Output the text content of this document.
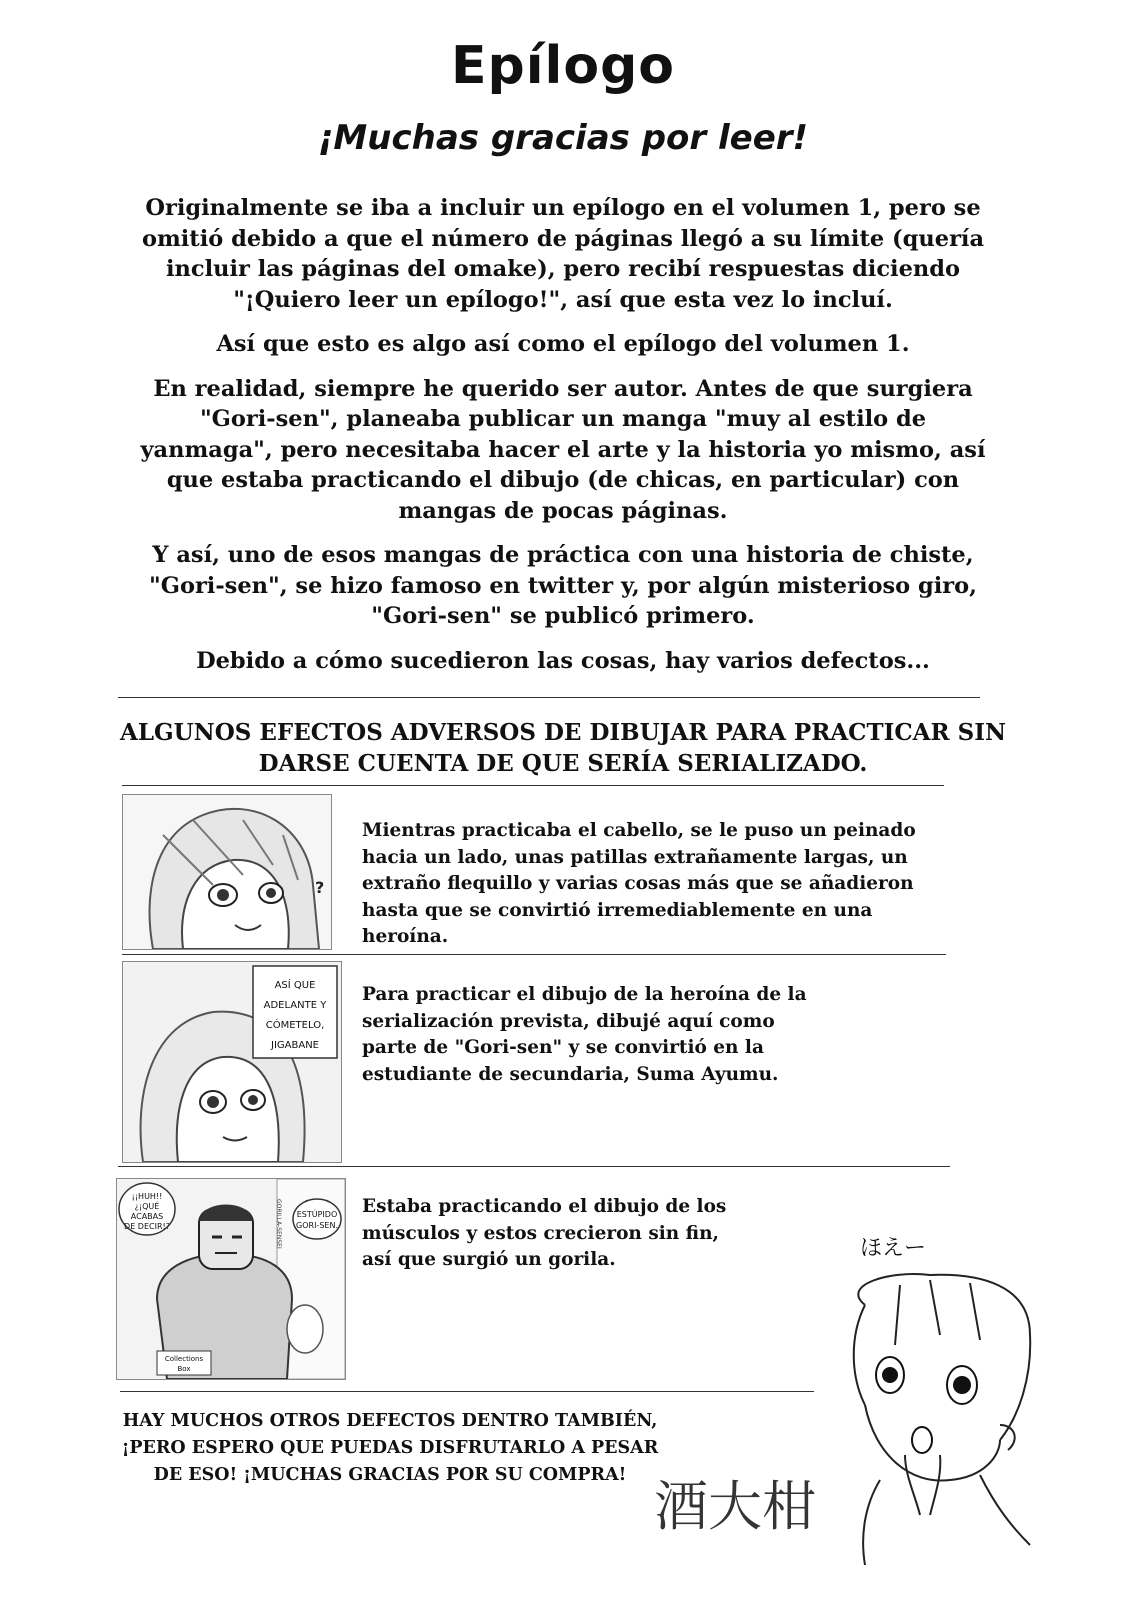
Epílogo
¡Muchas gracias por leer!

Originalmente se iba a incluir un epílogo en el volumen 1, pero se omitió debido a que el número de páginas llegó a su límite (quería incluir las páginas del omake), pero recibí respuestas diciendo "¡Quiero leer un epílogo!", así que esta vez lo incluí.

Así que esto es algo así como el epílogo del volumen 1.

En realidad, siempre he querido ser autor. Antes de que surgiera "Gori-sen", planeaba publicar un manga "muy al estilo de yanmaga", pero necesitaba hacer el arte y la historia yo mismo, así que estaba practicando el dibujo (de chicas, en particular) con mangas de pocas páginas.

Y así, uno de esos mangas de práctica con una historia de chiste, "Gori-sen", se hizo famoso en twitter y, por algún misterioso giro, "Gori-sen" se publicó primero.

Debido a cómo sucedieron las cosas, hay varios defectos...

ALGUNOS EFECTOS ADVERSOS DE DIBUJAR PARA PRACTICAR SIN DARSE CUENTA DE QUE SERÍA SERIALIZADO.
?
Mientras practicaba el cabello, se le puso un peinado hacia un lado, unas patillas extrañamente largas, un extraño flequillo y varias cosas más que se añadieron hasta que se convirtió irremediablemente en una heroína.
ASÍ QUE
ADELANTE Y
CÓMETELO,
JIGABANE
Para practicar el dibujo de la heroína de la serialización prevista, dibujé aquí como parte de "Gori-sen" y se convirtió en la estudiante de secundaria, Suma Ayumu.
¡¡HUH!!
¿¡QUÉ
ACABAS
DE DECIR!?
ESTÚPIDO
GORI-SEN.
GORILLA-SENSEI
Collections
Box
Estaba practicando el dibujo de los músculos y estos crecieron sin fin, así que surgió un gorila.
HAY MUCHOS OTROS DEFECTOS DENTRO TAMBIÉN, ¡PERO ESPERO QUE PUEDAS DISFRUTARLO A PESAR DE ESO! ¡MUCHAS GRACIAS POR SU COMPRA!
ほえー
酒大柑
